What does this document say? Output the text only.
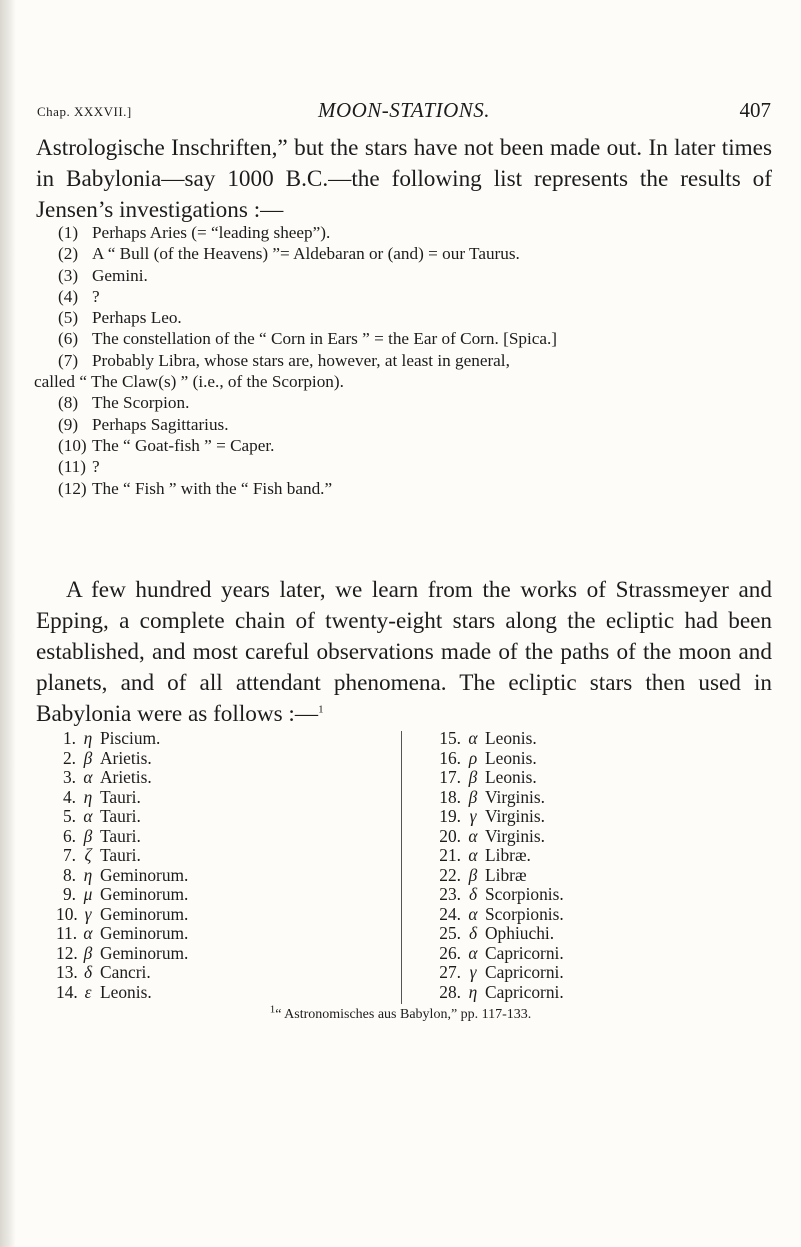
Chap. XXXVII.]	MOON-STATIONS.	407
Astrologische Inschriften,” but the stars have not been made out. In later times in Babylonia—say 1000 B.C.—the following list represents the results of Jensen’s investigations :—
(1) Perhaps Aries (= “leading sheep”).
(2) A “ Bull (of the Heavens) ”= Aldebaran or (and) = our Taurus.
(3) Gemini.
(4) ?
(5) Perhaps Leo.
(6) The constellation of the “ Corn in Ears ” = the Ear of Corn. [Spica.]
(7) Probably Libra, whose stars are, however, at least in general,
called “ The Claw(s) ” (i.e., of the Scorpion).
(8) The Scorpion.
(9) Perhaps Sagittarius.
(10) The “ Goat-fish ” = Caper.
(11) ?
(12) The “ Fish ” with the “ Fish band.”
A few hundred years later, we learn from the works of Strassmeyer and Epping, a complete chain of twenty-eight stars along the ecliptic had been established, and most careful observations made of the paths of the moon and planets, and of all attendant phenomena. The ecliptic stars then used in Babylonia were as follows :—$^1$
1. η Piscium.
2. β Arietis.
3. α Arietis.
4. η Tauri.
5. α Tauri.
6. β Tauri.
7. ζ Tauri.
8. η Geminorum.
9. μ Geminorum.
10. γ Geminorum.
11. α Geminorum.
12. β Geminorum.
13. δ Cancri.
14. ε Leonis.
15. α Leonis.
16. ρ Leonis.
17. β Leonis.
18. β Virginis.
19. γ Virginis.
20. α Virginis.
21. α Libræ.
22. β Libræ
23. δ Scorpionis.
24. α Scorpionis.
25. δ Ophiuchi.
26. α Capricorni.
27. γ Capricorni.
28. η Capricorni.
$^1$“ Astronomisches aus Babylon,” pp. 117-133.
